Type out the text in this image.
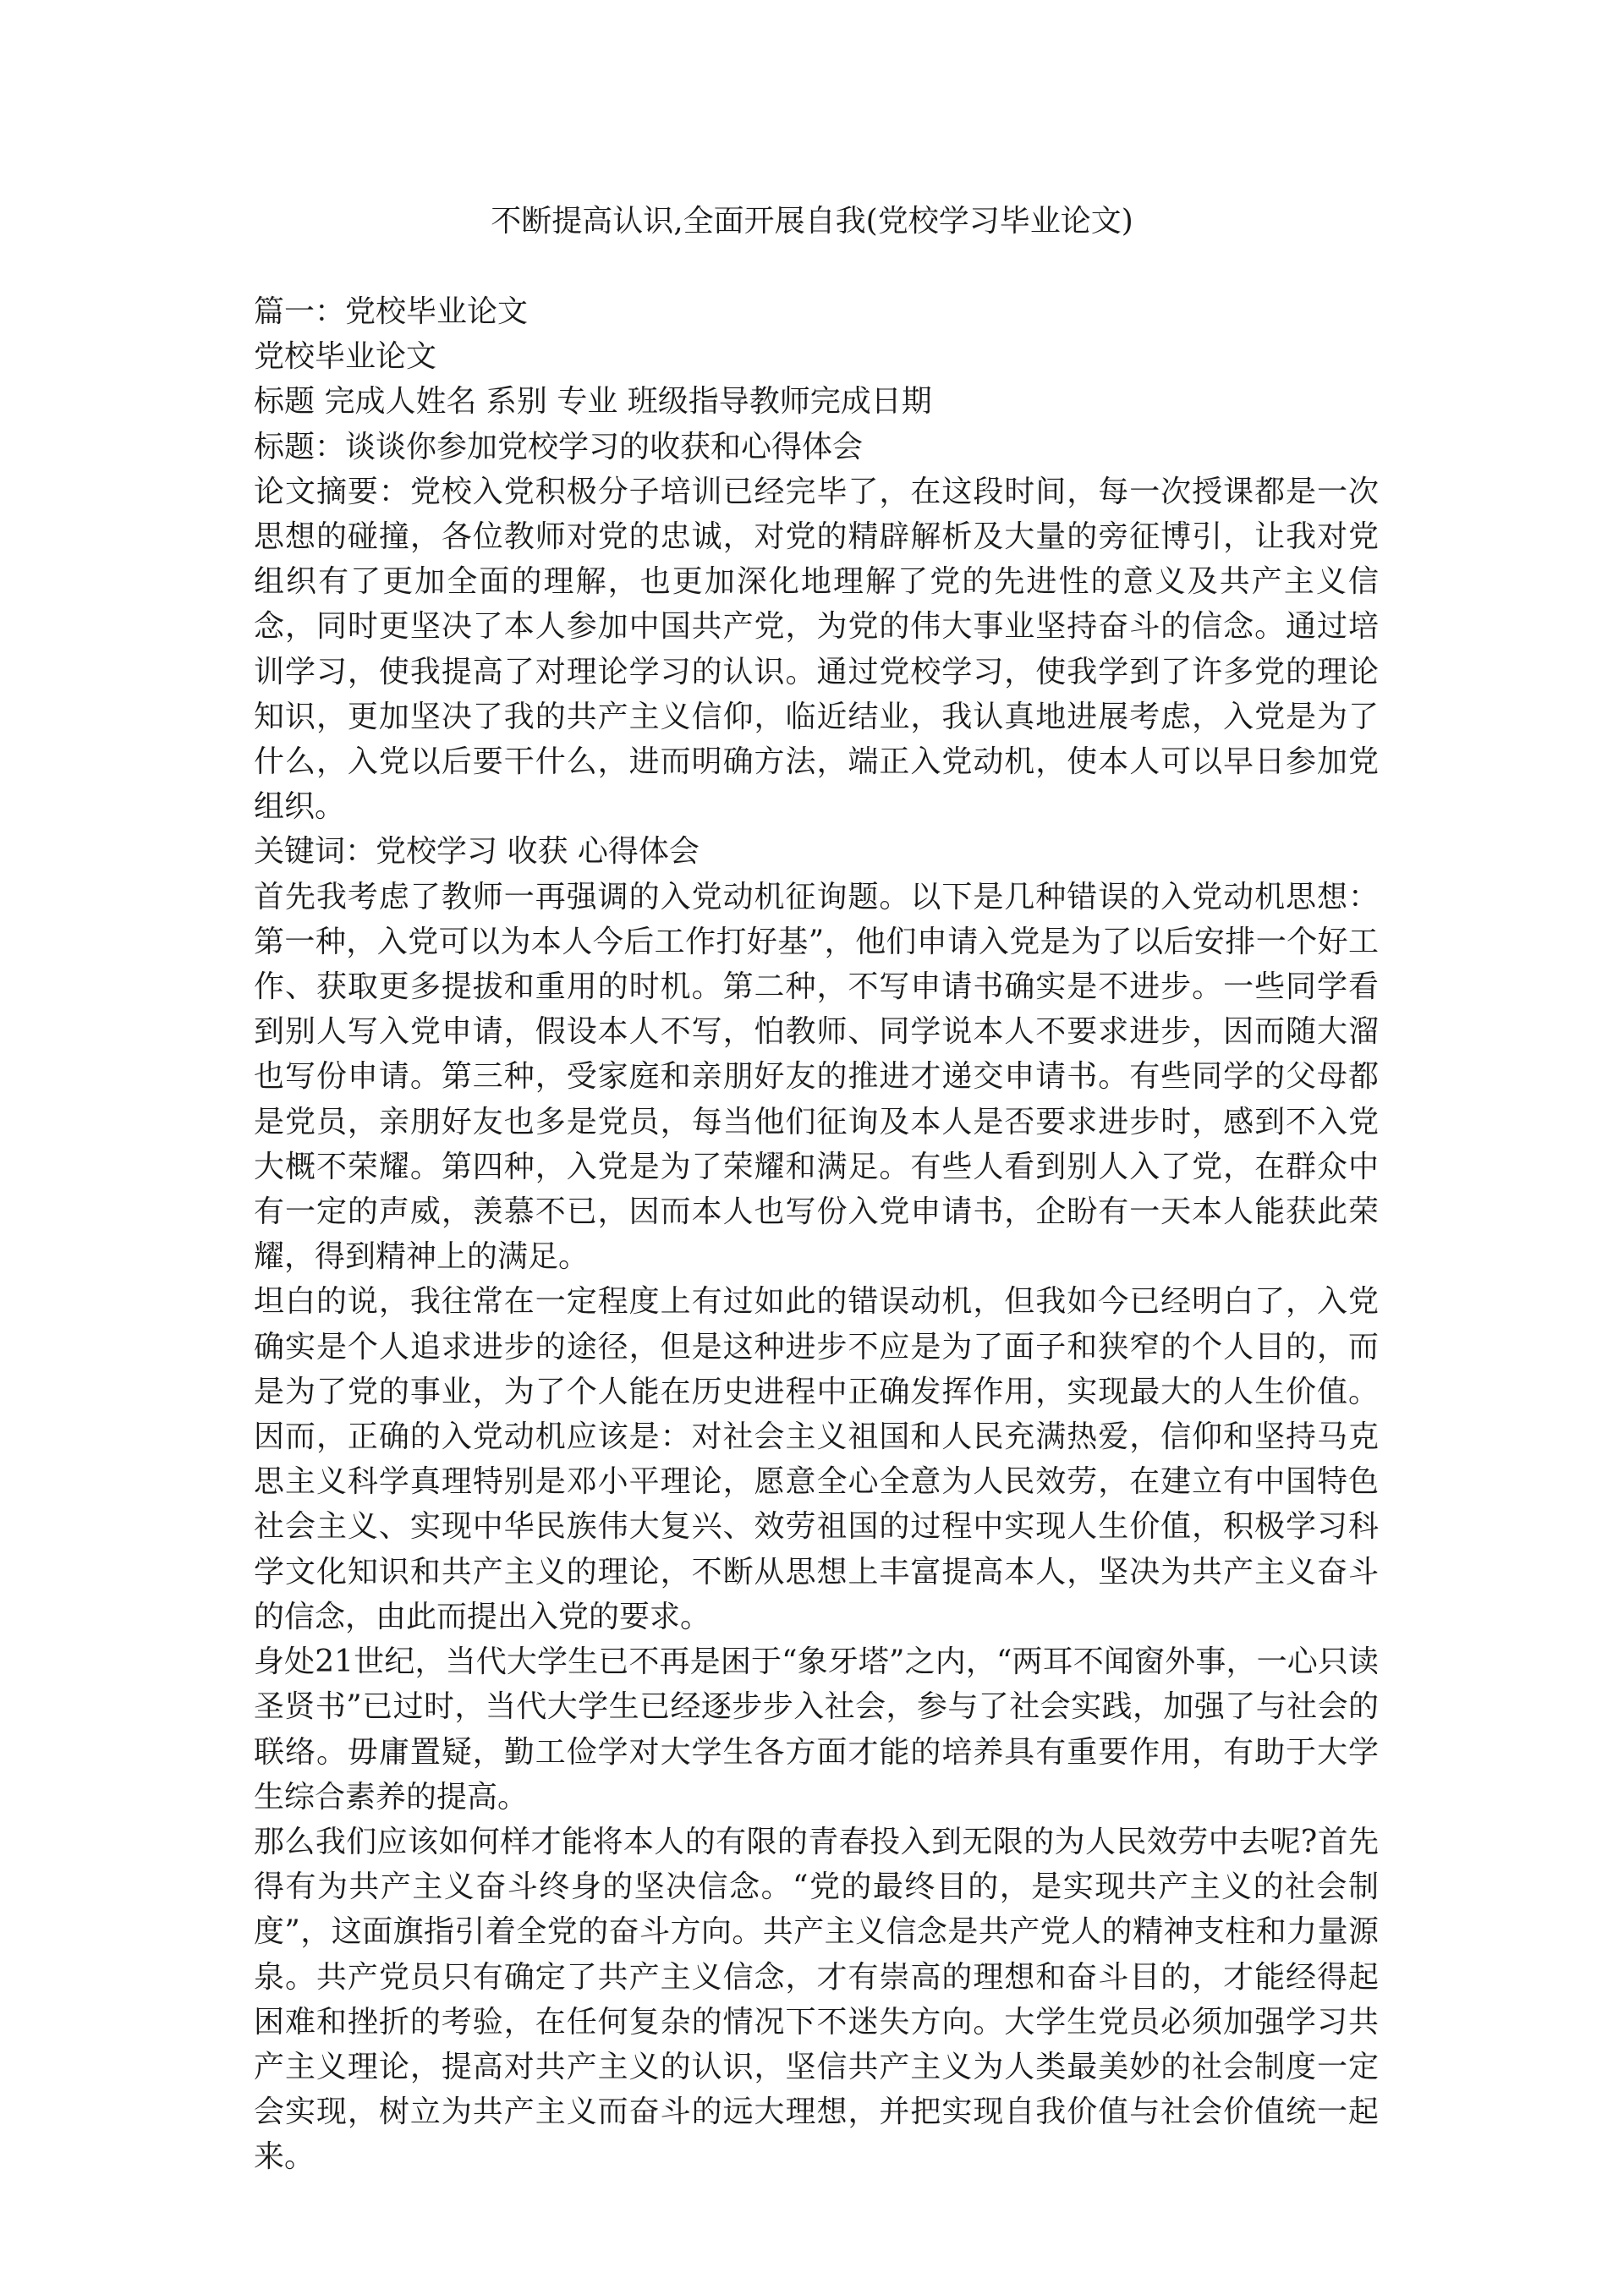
不断提高认识,全面开展自我(党校学习毕业论文)

篇一：党校毕业论文

党校毕业论文

标题 完成人姓名 系别 专业 班级指导教师完成日期

标题：谈谈你参加党校学习的收获和心得体会

论文摘要：党校入党积极分子培训已经完毕了，在这段时间，每一次授课都是一次思想的碰撞，各位教师对党的忠诚，对党的精辟解析及大量的旁征博引，让我对党组织有了更加全面的理解，也更加深化地理解了党的先进性的意义及共产主义信念，同时更坚决了本人参加中国共产党，为党的伟大事业坚持奋斗的信念。通过培训学习，使我提高了对理论学习的认识。通过党校学习，使我学到了许多党的理论知识，更加坚决了我的共产主义信仰，临近结业，我认真地进展考虑，入党是为了什么，入党以后要干什么，进而明确方法，端正入党动机，使本人可以早日参加党组织。

关键词：党校学习 收获 心得体会

首先我考虑了教师一再强调的入党动机征询题。以下是几种错误的入党动机思想：第一种，入党可以为本人今后工作打好基”，他们申请入党是为了以后安排一个好工作、获取更多提拔和重用的时机。第二种，不写申请书确实是不进步。一些同学看到别人写入党申请，假设本人不写，怕教师、同学说本人不要求进步，因而随大溜也写份申请。第三种，受家庭和亲朋好友的推进才递交申请书。有些同学的父母都是党员，亲朋好友也多是党员，每当他们征询及本人是否要求进步时，感到不入党大概不荣耀。第四种，入党是为了荣耀和满足。有些人看到别人入了党，在群众中有一定的声威，羡慕不已，因而本人也写份入党申请书，企盼有一天本人能获此荣耀，得到精神上的满足。

坦白的说，我往常在一定程度上有过如此的错误动机，但我如今已经明白了，入党确实是个人追求进步的途径，但是这种进步不应是为了面子和狭窄的个人目的，而是为了党的事业，为了个人能在历史进程中正确发挥作用，实现最大的人生价值。因而，正确的入党动机应该是：对社会主义祖国和人民充满热爱，信仰和坚持马克思主义科学真理特别是邓小平理论，愿意全心全意为人民效劳，在建立有中国特色社会主义、实现中华民族伟大复兴、效劳祖国的过程中实现人生价值，积极学习科学文化知识和共产主义的理论，不断从思想上丰富提高本人，坚决为共产主义奋斗的信念，由此而提出入党的要求。

身处21世纪，当代大学生已不再是困于“象牙塔”之内，“两耳不闻窗外事，一心只读圣贤书”已过时，当代大学生已经逐步步入社会，参与了社会实践，加强了与社会的联络。毋庸置疑，勤工俭学对大学生各方面才能的培养具有重要作用，有助于大学生综合素养的提高。

那么我们应该如何样才能将本人的有限的青春投入到无限的为人民效劳中去呢?首先得有为共产主义奋斗终身的坚决信念。“党的最终目的，是实现共产主义的社会制度”，这面旗指引着全党的奋斗方向。共产主义信念是共产党人的精神支柱和力量源泉。共产党员只有确定了共产主义信念，才有崇高的理想和奋斗目的，才能经得起困难和挫折的考验，在任何复杂的情况下不迷失方向。大学生党员必须加强学习共产主义理论，提高对共产主义的认识，坚信共产主义为人类最美妙的社会制度一定会实现，树立为共产主义而奋斗的远大理想，并把实现自我价值与社会价值统一起来。
